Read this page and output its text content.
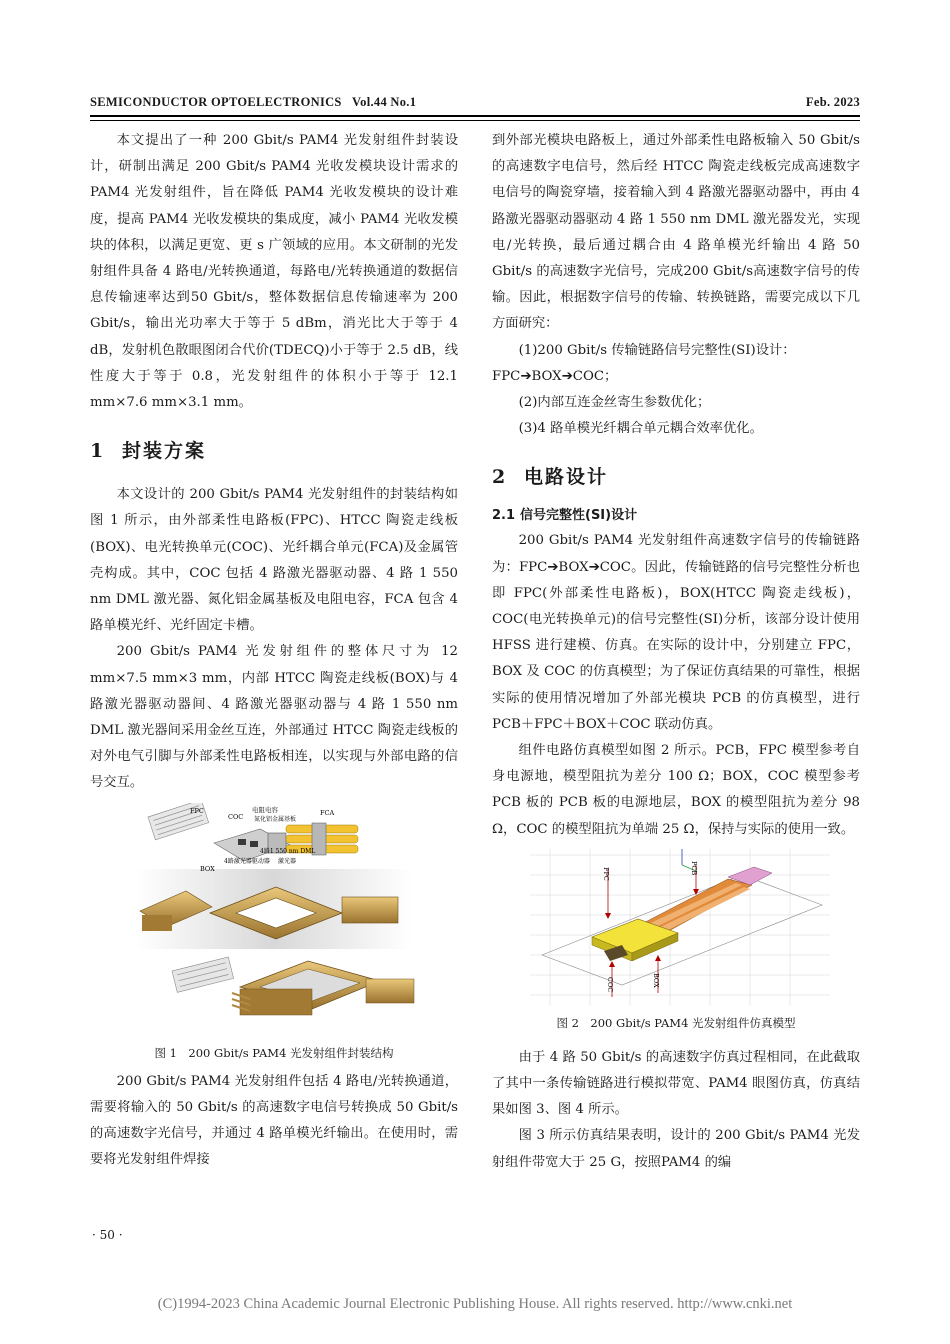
SEMICONDUCTOR OPTOELECTRONICS Vol.44 No.1	Feb. 2023

本文提出了一种 200 Gbit/s PAM4 光发射组件封装设计，研制出满足 200 Gbit/s PAM4 光收发模块设计需求的 PAM4 光发射组件，旨在降低 PAM4 光收发模块的设计难度，提高 PAM4 光收发模块的集成度，减小 PAM4 光收发模块的体积，以满足更宽、更 s 广领域的应用。本文研制的光发射组件具备 4 路电/光转换通道，每路电/光转换通道的数据信息传输速率达到50 Gbit/s，整体数据信息传输速率为 200 Gbit/s，输出光功率大于等于 5 dBm，消光比大于等于 4 dB，发射机色散眼图闭合代价(TDECQ)小于等于 2.5 dB，线性度大于等于 0.8，光发射组件的体积小于等于 12.1 mm×7.6 mm×3.1 mm。

1 封装方案

本文设计的 200 Gbit/s PAM4 光发射组件的封装结构如图 1 所示，由外部柔性电路板(FPC)、HTCC 陶瓷走线板(BOX)、电光转换单元(COC)、光纤耦合单元(FCA)及金属管壳构成。其中，COC 包括 4 路激光器驱动器、4 路 1 550 nm DML 激光器、氮化铝金属基板及电阻电容，FCA 包含 4 路单模光纤、光纤固定卡槽。

200 Gbit/s PAM4 光发射组件的整体尺寸为 12 mm×7.5 mm×3 mm，内部 HTCC 陶瓷走线板(BOX)与 4 路激光器驱动器间、4 路激光器驱动器与 4 路 1 550 nm DML 激光器间采用金丝互连，外部通过 HTCC 陶瓷走线板的对外电气引脚与外部柔性电路板相连，以实现与外部电路的信号交互。

FPC	电阻电容
COC 氮化铝金属基板
FCA
4路1 550 nm DML
4路激光器驱动器 激光器
BOX

图 1　200 Gbit/s PAM4 光发射组件封装结构

200 Gbit/s PAM4 光发射组件包括 4 路电/光转换通道，需要将输入的 50 Gbit/s 的高速数字电信号转换成 50 Gbit/s 的高速数字光信号，并通过 4 路单模光纤输出。在使用时，需要将光发射组件焊接

到外部光模块电路板上，通过外部柔性电路板输入 50 Gbit/s 的高速数字电信号，然后经 HTCC 陶瓷走线板完成高速数字电信号的陶瓷穿墙，接着输入到 4 路激光器驱动器中，再由 4 路激光器驱动器驱动 4 路 1 550 nm DML 激光器发光，实现电/光转换，最后通过耦合由 4 路单模光纤输出 4 路 50 Gbit/s 的高速数字光信号，完成200 Gbit/s高速数字信号的传输。因此，根据数字信号的传输、转换链路，需要完成以下几方面研究：

(1)200 Gbit/s 传输链路信号完整性(SI)设计：

FPC➔BOX➔COC；

(2)内部互连金丝寄生参数优化；

(3)4 路单模光纤耦合单元耦合效率优化。

2 电路设计
2.1 信号完整性(SI)设计

200 Gbit/s PAM4 光发射组件高速数字信号的传输链路为：FPC➔BOX➔COC。因此，传输链路的信号完整性分析也即 FPC(外部柔性电路板)，BOX(HTCC 陶瓷走线板)，COC(电光转换单元)的信号完整性(SI)分析，该部分设计使用 HFSS 进行建模、仿真。在实际的设计中，分别建立 FPC，BOX 及 COC 的仿真模型；为了保证仿真结果的可靠性，根据实际的使用情况增加了外部光模块 PCB 的仿真模型，进行 PCB＋FPC＋BOX＋COC 联动仿真。

组件电路仿真模型如图 2 所示。PCB，FPC 模型参考自身电源地，模型阻抗为差分 100 Ω；BOX，COC 模型参考 PCB 板的 PCB 板的电源地层，BOX 的模型阻抗为差分 98 Ω，COC 的模型阻抗为单端 25 Ω，保持与实际的使用一致。

FPC	PCB
COC	BOX

图 2　200 Gbit/s PAM4 光发射组件仿真模型

由于 4 路 50 Gbit/s 的高速数字仿真过程相同，在此截取了其中一条传输链路进行模拟带宽、PAM4 眼图仿真，仿真结果如图 3、图 4 所示。

图 3 所示仿真结果表明，设计的 200 Gbit/s PAM4 光发射组件带宽大于 25 G，按照PAM4 的编

· 50 ·
(C)1994-2023 China Academic Journal Electronic Publishing House. All rights reserved. http://www.cnki.net
